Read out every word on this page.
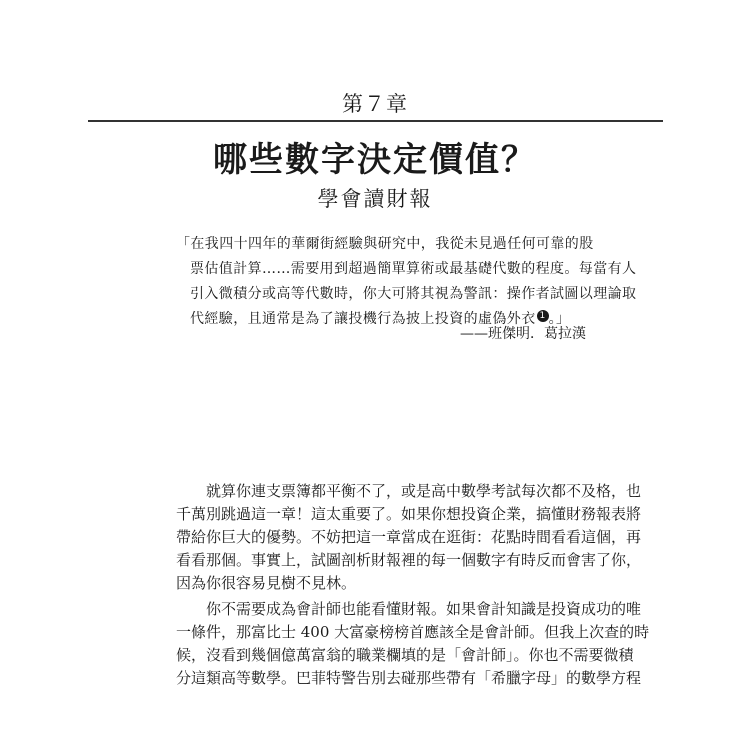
第７章
哪些數字決定價值？
學會讀財報
「在我四十四年的華爾街經驗與研究中，我從未見過任何可靠的股
票估值計算……需要用到超過簡單算術或最基礎代數的程度。每當有人
引入微積分或高等代數時，你大可將其視為警訊：操作者試圖以理論取
代經驗，且通常是為了讓投機行為披上投資的虛偽外衣 1 。」
——班傑明．葛拉漢
就算你連支票簿都平衡不了，或是高中數學考試每次都不及格，也
千萬別跳過這一章！這太重要了。如果你想投資企業，搞懂財務報表將
帶給你巨大的優勢。不妨把這一章當成在逛街：花點時間看看這個，再
看看那個。事實上，試圖剖析財報裡的每一個數字有時反而會害了你，
因為你很容易見樹不見林。
你不需要成為會計師也能看懂財報。如果會計知識是投資成功的唯
一條件，那富比士 400 大富豪榜榜首應該全是會計師。但我上次查的時
候，沒看到幾個億萬富翁的職業欄填的是「會計師」。你也不需要微積
分這類高等數學。巴菲特警告別去碰那些帶有「希臘字母」的數學方程
